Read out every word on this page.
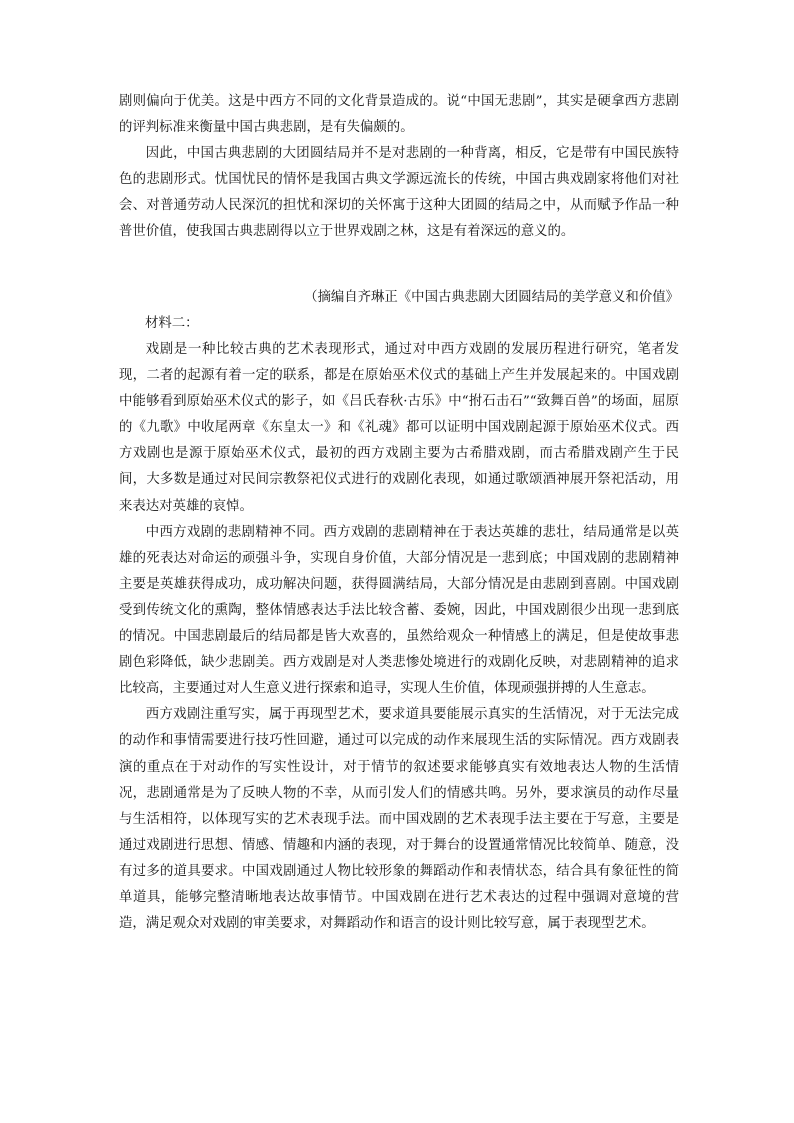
剧则偏向于优美。这是中西方不同的文化背景造成的。说“中国无悲剧”，其实是硬拿西方悲剧的评判标准来衡量中国古典悲剧，是有失偏颇的。

因此，中国古典悲剧的大团圆结局并不是对悲剧的一种背离，相反，它是带有中国民族特色的悲剧形式。忧国忧民的情怀是我国古典文学源远流长的传统，中国古典戏剧家将他们对社会、对普通劳动人民深沉的担忧和深切的关怀寓于这种大团圆的结局之中，从而赋予作品一种普世价值，使我国古典悲剧得以立于世界戏剧之林，这是有着深远的意义的。

（摘编自齐琳正《中国古典悲剧大团圆结局的美学意义和价值》
材料二：

戏剧是一种比较古典的艺术表现形式，通过对中西方戏剧的发展历程进行研究，笔者发现，二者的起源有着一定的联系，都是在原始巫术仪式的基础上产生并发展起来的。中国戏剧中能够看到原始巫术仪式的影子，如《吕氏春秋·古乐》中“拊石击石”“致舞百兽”的场面，屈原的《九歌》中收尾两章《东皇太一》和《礼魂》都可以证明中国戏剧起源于原始巫术仪式。西方戏剧也是源于原始巫术仪式，最初的西方戏剧主要为古希腊戏剧，而古希腊戏剧产生于民间，大多数是通过对民间宗教祭祀仪式进行的戏剧化表现，如通过歌颂酒神展开祭祀活动，用来表达对英雄的哀悼。

中西方戏剧的悲剧精神不同。西方戏剧的悲剧精神在于表达英雄的悲壮，结局通常是以英雄的死表达对命运的顽强斗争，实现自身价值，大部分情况是一悲到底；中国戏剧的悲剧精神主要是英雄获得成功，成功解决问题，获得圆满结局，大部分情况是由悲剧到喜剧。中国戏剧受到传统文化的熏陶，整体情感表达手法比较含蓄、委婉，因此，中国戏剧很少出现一悲到底的情况。中国悲剧最后的结局都是皆大欢喜的，虽然给观众一种情感上的满足，但是使故事悲剧色彩降低，缺少悲剧美。西方戏剧是对人类悲惨处境进行的戏剧化反映，对悲剧精神的追求比较高，主要通过对人生意义进行探索和追寻，实现人生价值，体现顽强拼搏的人生意志。

西方戏剧注重写实，属于再现型艺术，要求道具要能展示真实的生活情况，对于无法完成的动作和事情需要进行技巧性回避，通过可以完成的动作来展现生活的实际情况。西方戏剧表演的重点在于对动作的写实性设计，对于情节的叙述要求能够真实有效地表达人物的生活情况，悲剧通常是为了反映人物的不幸，从而引发人们的情感共鸣。另外，要求演员的动作尽量与生活相符，以体现写实的艺术表现手法。而中国戏剧的艺术表现手法主要在于写意，主要是通过戏剧进行思想、情感、情趣和内涵的表现，对于舞台的设置通常情况比较简单、随意，没有过多的道具要求。中国戏剧通过人物比较形象的舞蹈动作和表情状态，结合具有象征性的简单道具，能够完整清晰地表达故事情节。中国戏剧在进行艺术表达的过程中强调对意境的营造，满足观众对戏剧的审美要求，对舞蹈动作和语言的设计则比较写意，属于表现型艺术。
